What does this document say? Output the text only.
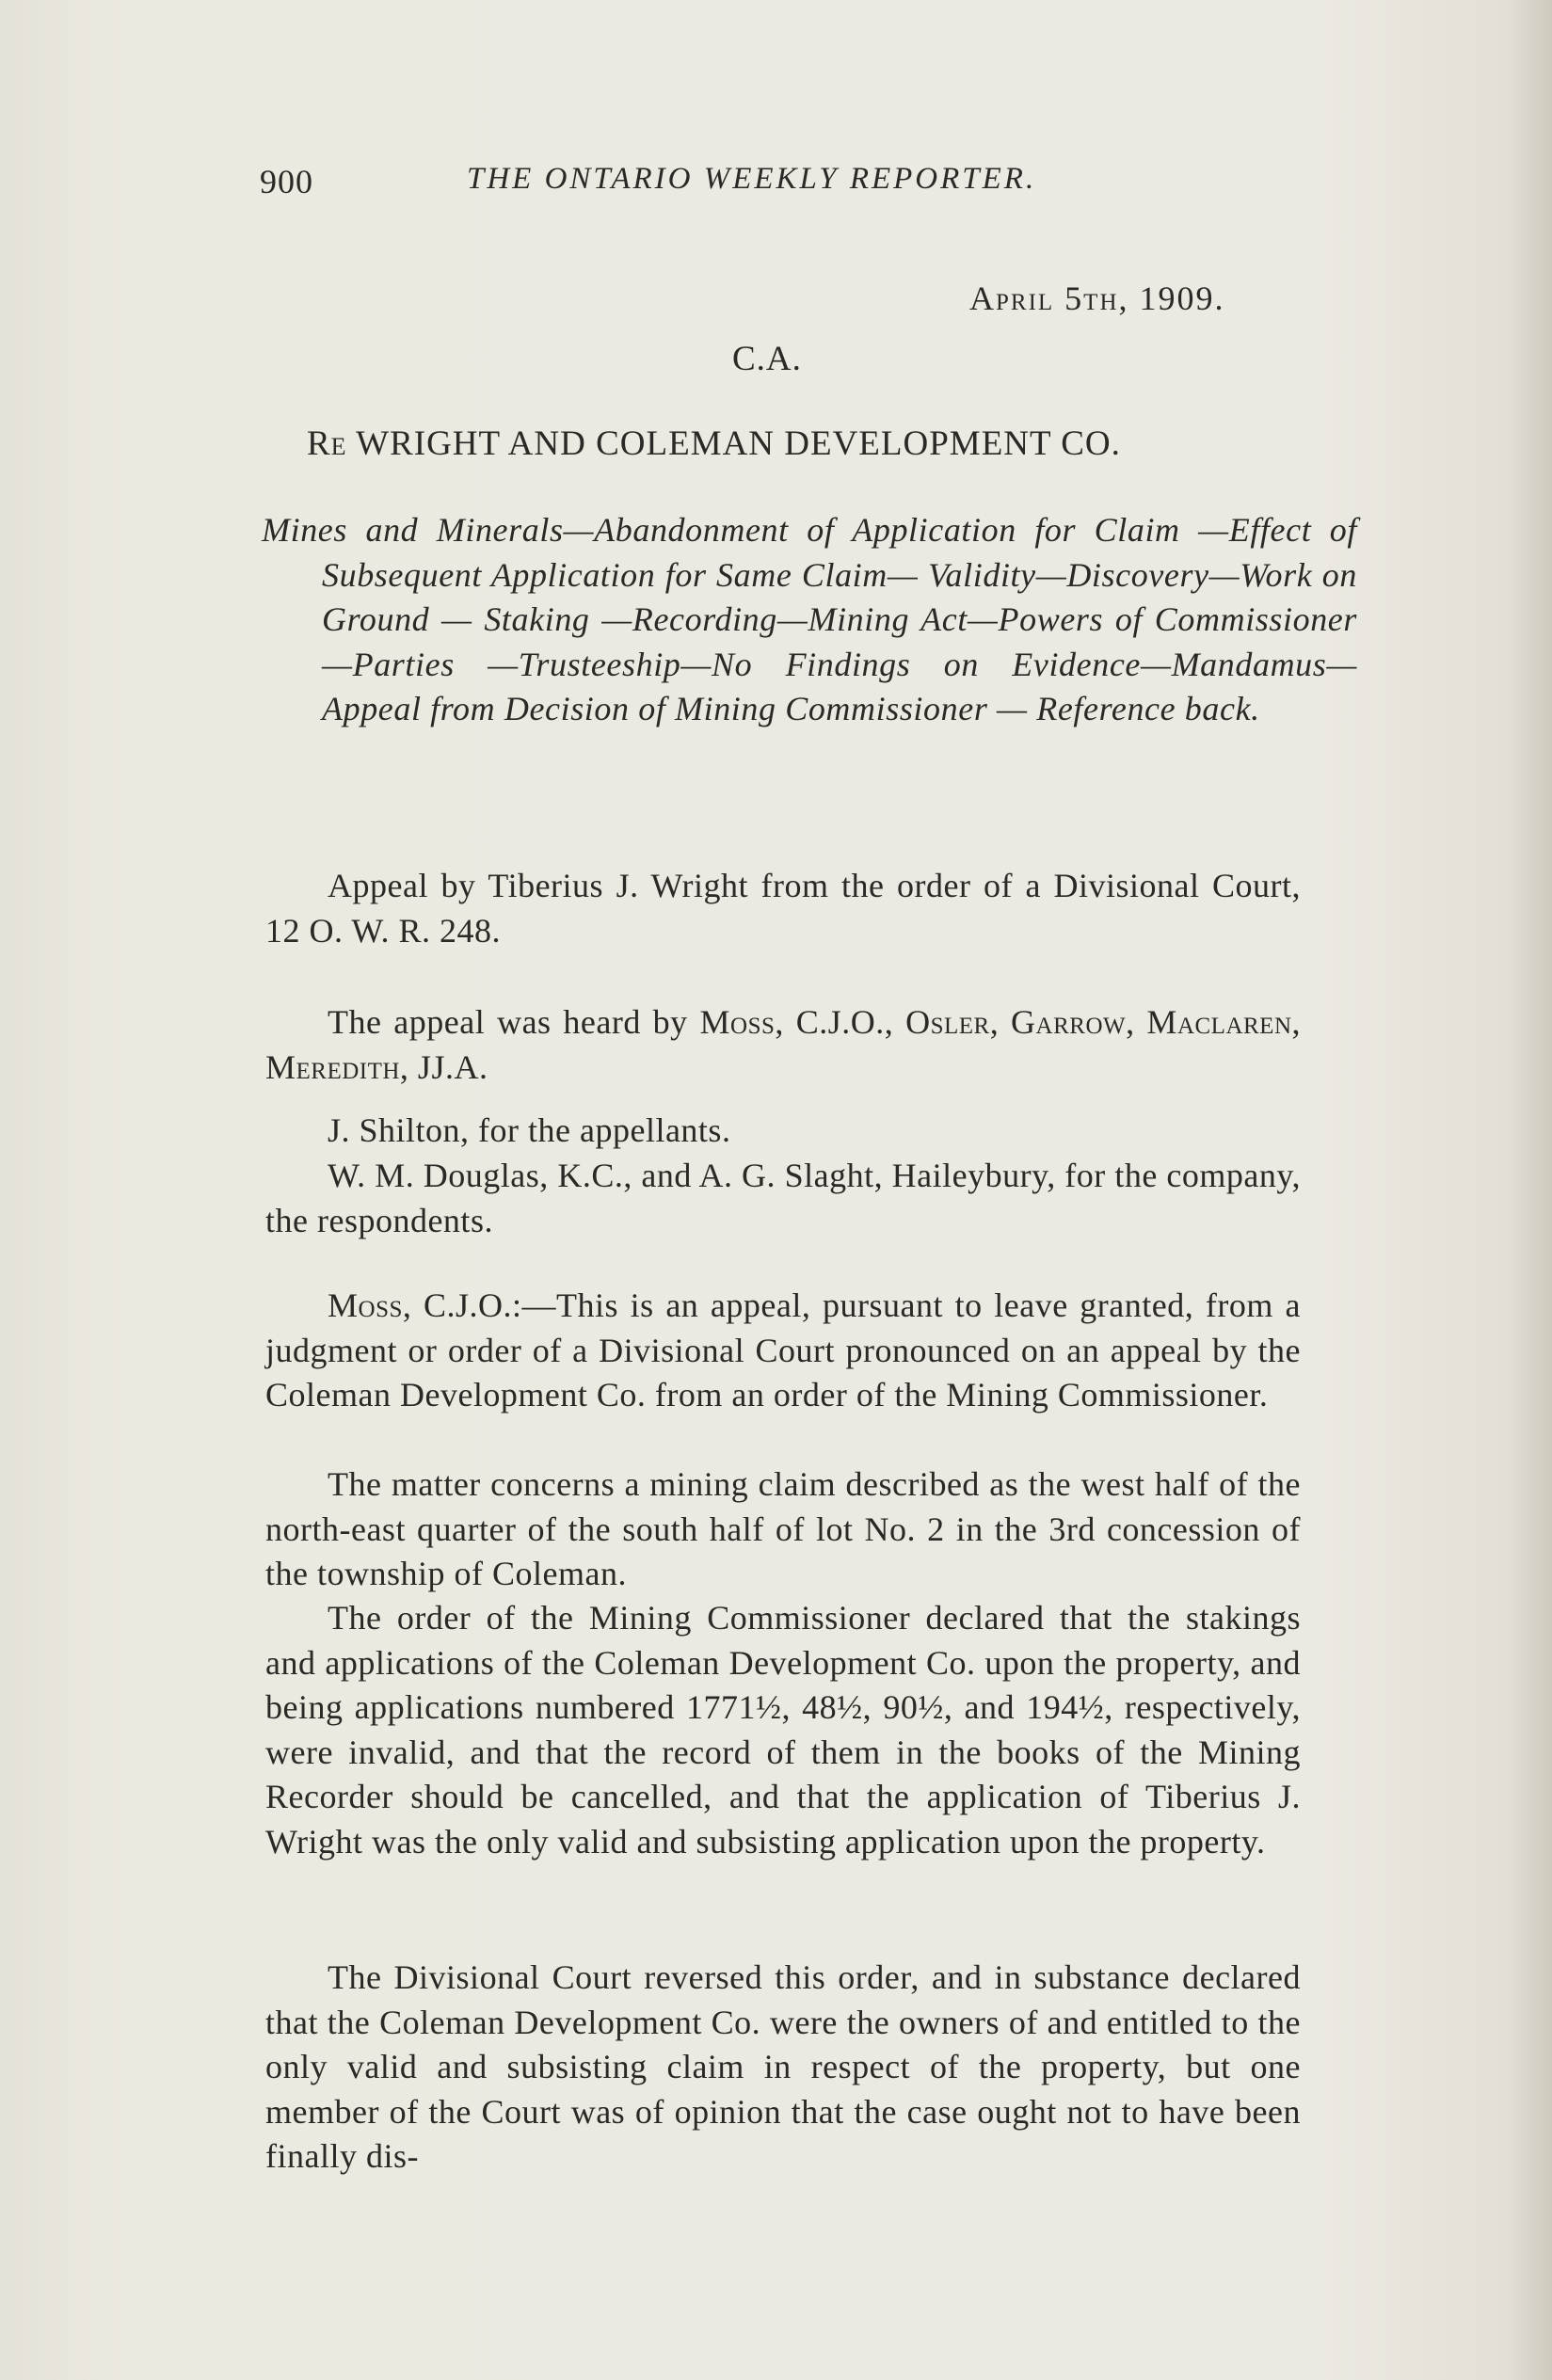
900	THE ONTARIO WEEKLY REPORTER.
April 5th, 1909.
C.A.
Re WRIGHT AND COLEMAN DEVELOPMENT CO.
Mines and Minerals—Abandonment of Application for Claim —Effect of Subsequent Application for Same Claim— Validity—Discovery—Work on Ground — Staking —Recording—Mining Act—Powers of Commissioner—Parties —Trusteeship—No Findings on Evidence—Mandamus— Appeal from Decision of Mining Commissioner — Reference back.

Appeal by Tiberius J. Wright from the order of a Divisional Court, 12 O. W. R. 248.

The appeal was heard by Moss, C.J.O., Osler, Garrow, Maclaren, Meredith, JJ.A.

J. Shilton, for the appellants.

W. M. Douglas, K.C., and A. G. Slaght, Haileybury, for the company, the respondents.

Moss, C.J.O.:—This is an appeal, pursuant to leave granted, from a judgment or order of a Divisional Court pronounced on an appeal by the Coleman Development Co. from an order of the Mining Commissioner.

The matter concerns a mining claim described as the west half of the north-east quarter of the south half of lot No. 2 in the 3rd concession of the township of Coleman.

The order of the Mining Commissioner declared that the stakings and applications of the Coleman Development Co. upon the property, and being applications numbered 1771½, 48½, 90½, and 194½, respectively, were invalid, and that the record of them in the books of the Mining Recorder should be cancelled, and that the application of Tiberius J. Wright was the only valid and subsisting application upon the property.

The Divisional Court reversed this order, and in substance declared that the Coleman Development Co. were the owners of and entitled to the only valid and subsisting claim in respect of the property, but one member of the Court was of opinion that the case ought not to have been finally dis-
